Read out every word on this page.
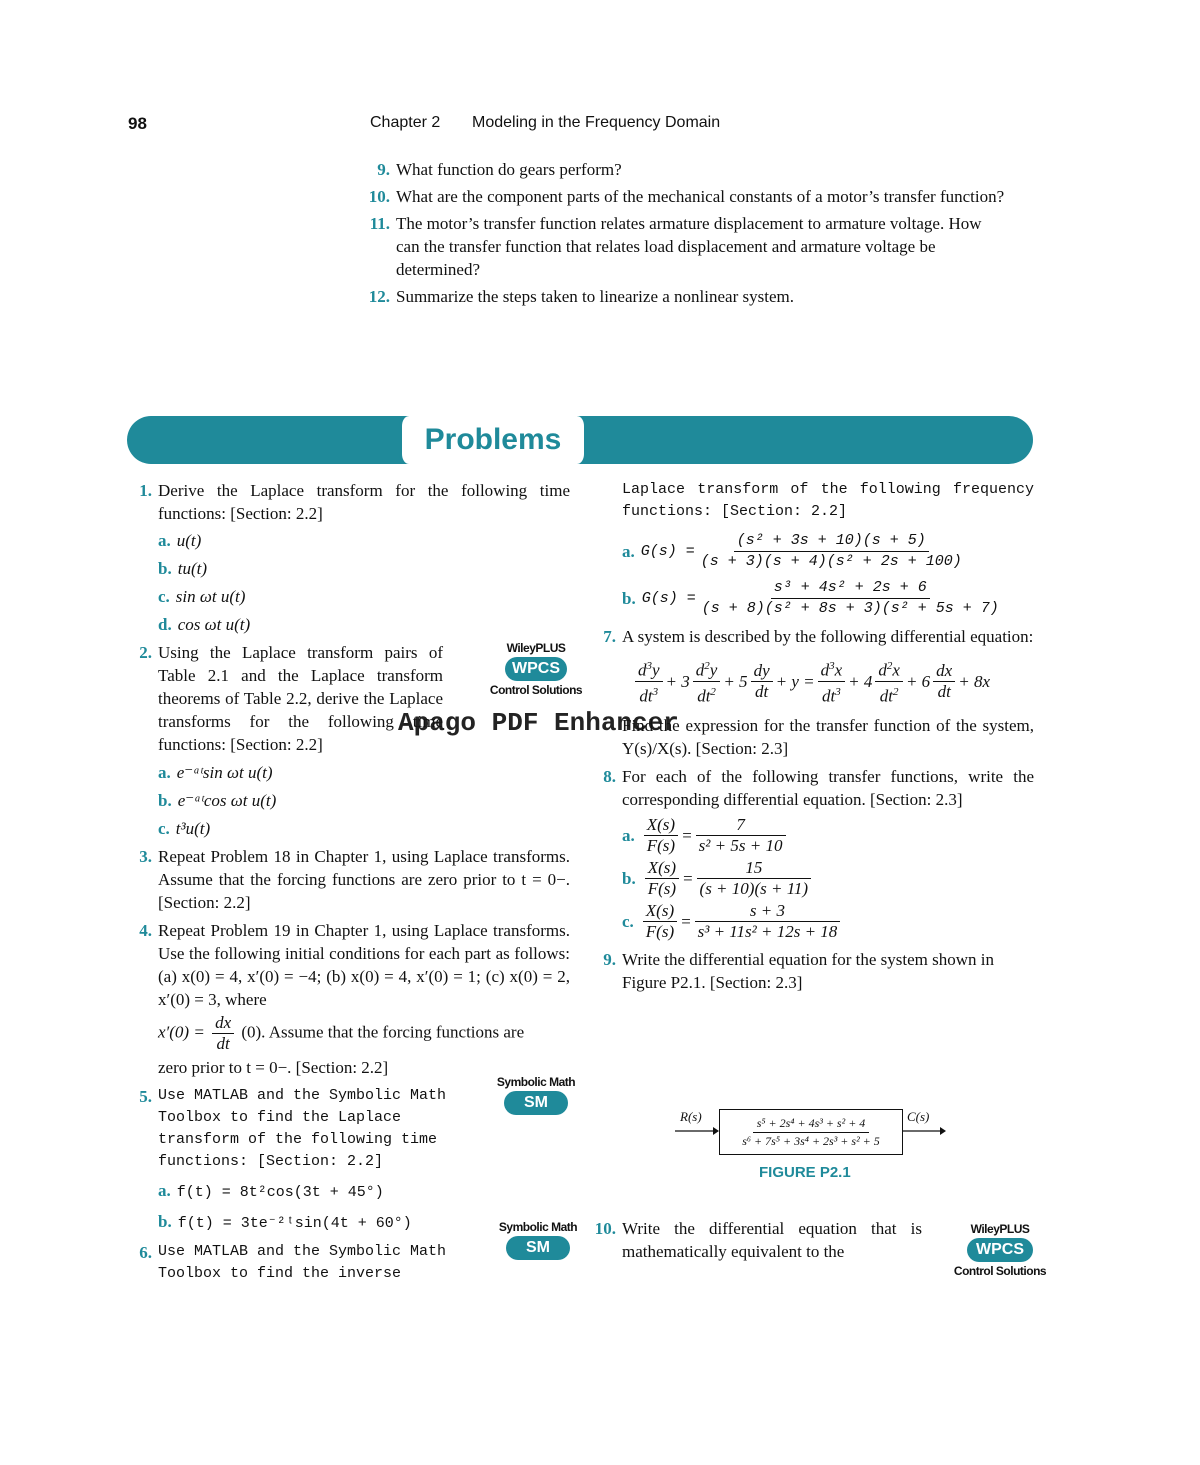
98	Chapter 2 Modeling in the Frequency Domain
9. What function do gears perform?
10. What are the component parts of the mechanical constants of a motor’s transfer function?
11. The motor’s transfer function relates armature displacement to armature voltage. How can the transfer function that relates load displacement and armature voltage be determined?
12. Summarize the steps taken to linearize a nonlinear system.
Problems
1. Derive the Laplace transform for the following time functions: [Section: 2.2]
a. u(t)
b. tu(t)
c. sin ωt u(t)
d. cos ωt u(t)
2. Using the Laplace transform pairs of Table 2.1 and the Laplace transform theorems of Table 2.2, derive the Laplace transforms for the following time functions: [Section: 2.2]
a. e⁻ᵃᵗsin ωt u(t)
b. e⁻ᵃᵗcos ωt u(t)
c. t³u(t)
3. Repeat Problem 18 in Chapter 1, using Laplace transforms. Assume that the forcing functions are zero prior to t = 0−. [Section: 2.2]
4. Repeat Problem 19 in Chapter 1, using Laplace transforms. Use the following initial conditions for each part as follows: (a) x(0) = 4, x′(0) = −4; (b) x(0) = 4, x′(0) = 1; (c) x(0) = 2, x′(0) = 3, where
$x'(0) = \frac{dx}{dt} (0)$. Assume that the forcing functions are
zero prior to t = 0−. [Section: 2.2]
5. Use MATLAB and the Symbolic Math Toolbox to find the Laplace transform of the following time functions: [Section: 2.2]
a. f(t) = 8t²cos(3t + 45°)
b. f(t) = 3te⁻²ᵗsin(4t + 60°)
6. Use MATLAB and the Symbolic Math Toolbox to find the inverse
WileyPLUS
WPCS
Control Solutions
Symbolic Math
SM
Symbolic Math
SM
Laplace transform of the following frequency functions: [Section: 2.2]
a. $G(s) = \frac{\text{(s² + 3s + 10)(s + 5)}}{\text{(s + 3)(s + 4)(s² + 2s + 100)}}$
b. $G(s) = \frac{\text{s³ + 4s² + 2s + 6}}{\text{(s + 8)(s² + 8s + 3)(s² + 5s + 7)}}$
7. A system is described by the following differential equation:
$\frac{d^3y}{dt^3} + 3 \frac{d^2y}{dt^2} + 5 \frac{dy}{dt} + y = \frac{d^3x}{dt^3} + 4 \frac{d^2x}{dt^2} + 6 \frac{dx}{dt} + 8x$
Find the expression for the transfer function of the system, Y(s)/X(s). [Section: 2.3]
8. For each of the following transfer functions, write the corresponding differential equation. [Section: 2.3]
a. $\frac{X(s)}{F(s)} = \frac{7}{\text{s² + 5s + 10}}$
b. $\frac{X(s)}{F(s)} = \frac{15}{(s + 10)(s + 11)}$
c. $\frac{X(s)}{F(s)} = \frac{s + 3}{\text{s³ + 11s² + 12s + 18}}$
9. Write the differential equation for the system shown in Figure P2.1. [Section: 2.3]
R(s)	C(s)
s⁵ + 2s⁴ + 4s³ + s² + 4
s⁶ + 7s⁵ + 3s⁴ + 2s³ + s² + 5
FIGURE P2.1
10. Write the differential equation that is mathematically equivalent to the
WileyPLUS
WPCS
Control Solutions
Apago PDF Enhancer
